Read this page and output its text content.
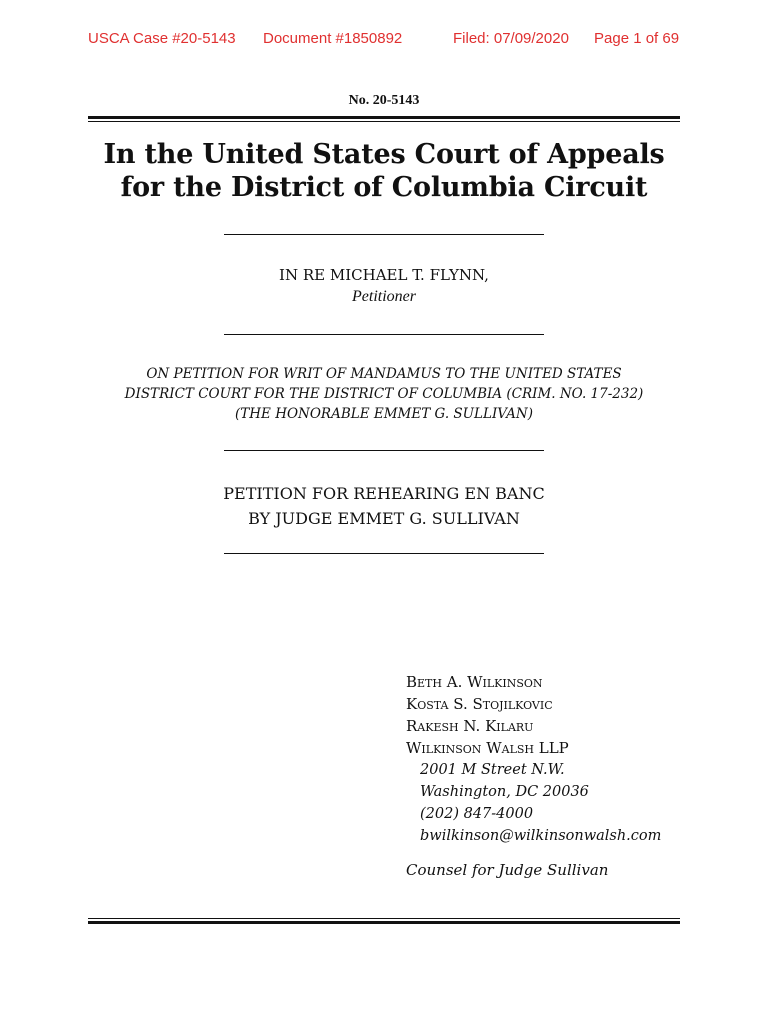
USCA Case #20-5143 Document #1850892	Filed: 07/09/2020 Page 1 of 69
No. 20-5143
In the United States Court of Appeals
for the District of Columbia Circuit
IN RE MICHAEL T. FLYNN,
Petitioner
ON PETITION FOR WRIT OF MANDAMUS TO THE UNITED STATES
DISTRICT COURT FOR THE DISTRICT OF COLUMBIA (CRIM. NO. 17-232)
(THE HONORABLE EMMET G. SULLIVAN)
PETITION FOR REHEARING EN BANC
BY JUDGE EMMET G. SULLIVAN
Beth A. Wilkinson
Kosta S. Stojilkovic
Rakesh N. Kilaru
Wilkinson Walsh LLP
2001 M Street N.W.
Washington, DC 20036
(202) 847-4000
bwilkinson@wilkinsonwalsh.com
Counsel for Judge Sullivan
